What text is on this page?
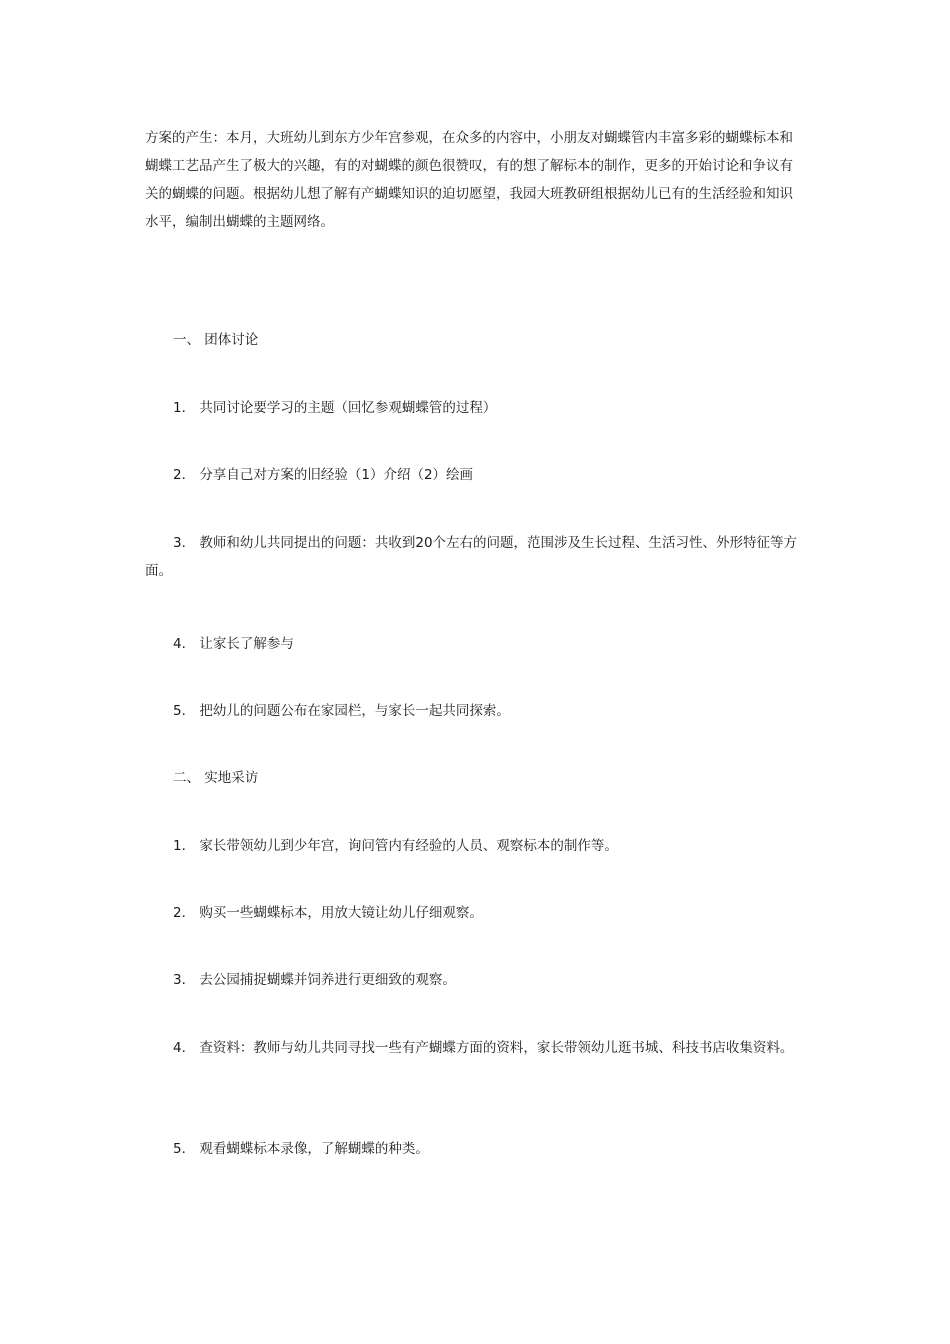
方案的产生：本月，大班幼儿到东方少年宫参观，在众多的内容中，小朋友对蝴蝶管内丰富多彩的蝴蝶标本和蝴蝶工艺品产生了极大的兴趣，有的对蝴蝶的颜色很赞叹，有的想了解标本的制作，更多的开始讨论和争议有关的蝴蝶的问题。根据幼儿想了解有产蝴蝶知识的迫切愿望，我园大班教研组根据幼儿已有的生活经验和知识水平，编制出蝴蝶的主题网络。

一、 团体讨论

1． 共同讨论要学习的主题（回忆参观蝴蝶管的过程）

2． 分享自己对方案的旧经验（1）介绍（2）绘画

3． 教师和幼儿共同提出的问题：共收到20个左右的问题，范围涉及生长过程、生活习性、外形特征等方面。

4． 让家长了解参与

5． 把幼儿的问题公布在家园栏，与家长一起共同探索。

二、 实地采访

1． 家长带领幼儿到少年宫，询问管内有经验的人员、观察标本的制作等。

2． 购买一些蝴蝶标本，用放大镜让幼儿仔细观察。

3． 去公园捕捉蝴蝶并饲养进行更细致的观察。

4． 查资料：教师与幼儿共同寻找一些有产蝴蝶方面的资料，家长带领幼儿逛书城、科技书店收集资料。

5． 观看蝴蝶标本录像，了解蝴蝶的种类。
